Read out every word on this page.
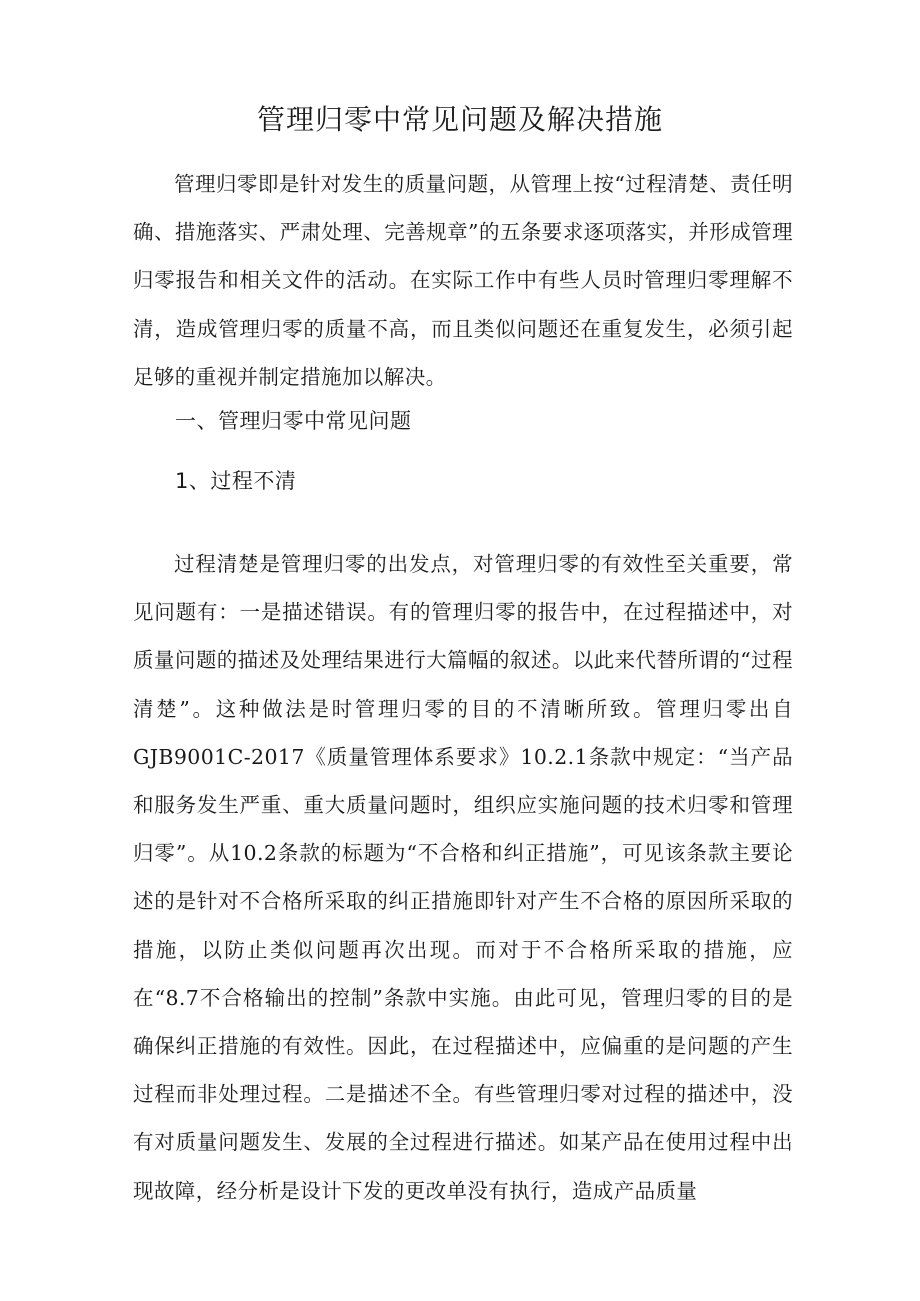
管理归零中常见问题及解决措施

管理归零即是针对发生的质量问题，从管理上按“过程清楚、责任明确、措施落实、严肃处理、完善规章”的五条要求逐项落实，并形成管理归零报告和相关文件的活动。在实际工作中有些人员时管理归零理解不清，造成管理归零的质量不高，而且类似问题还在重复发生，必须引起足够的重视并制定措施加以解决。

一、管理归零中常见问题
1、过程不清

过程清楚是管理归零的出发点，对管理归零的有效性至关重要，常见问题有：一是描述错误。有的管理归零的报告中，在过程描述中，对质量问题的描述及处理结果进行大篇幅的叙述。以此来代替所谓的“过程清楚”。这种做法是时管理归零的目的不清晰所致。管理归零出自GJB9001C-2017《质量管理体系要求》10.2.1条款中规定：“当产品和服务发生严重、重大质量问题时，组织应实施问题的技术归零和管理归零”。从10.2条款的标题为“不合格和纠正措施”，可见该条款主要论述的是针对不合格所采取的纠正措施即针对产生不合格的原因所采取的措施，以防止类似问题再次出现。而对于不合格所采取的措施，应在“8.7不合格输出的控制”条款中实施。由此可见，管理归零的目的是确保纠正措施的有效性。因此，在过程描述中，应偏重的是问题的产生过程而非处理过程。二是描述不全。有些管理归零对过程的描述中，没有对质量问题发生、发展的全过程进行描述。如某产品在使用过程中出现故障，经分析是设计下发的更改单没有执行，造成产品质量
